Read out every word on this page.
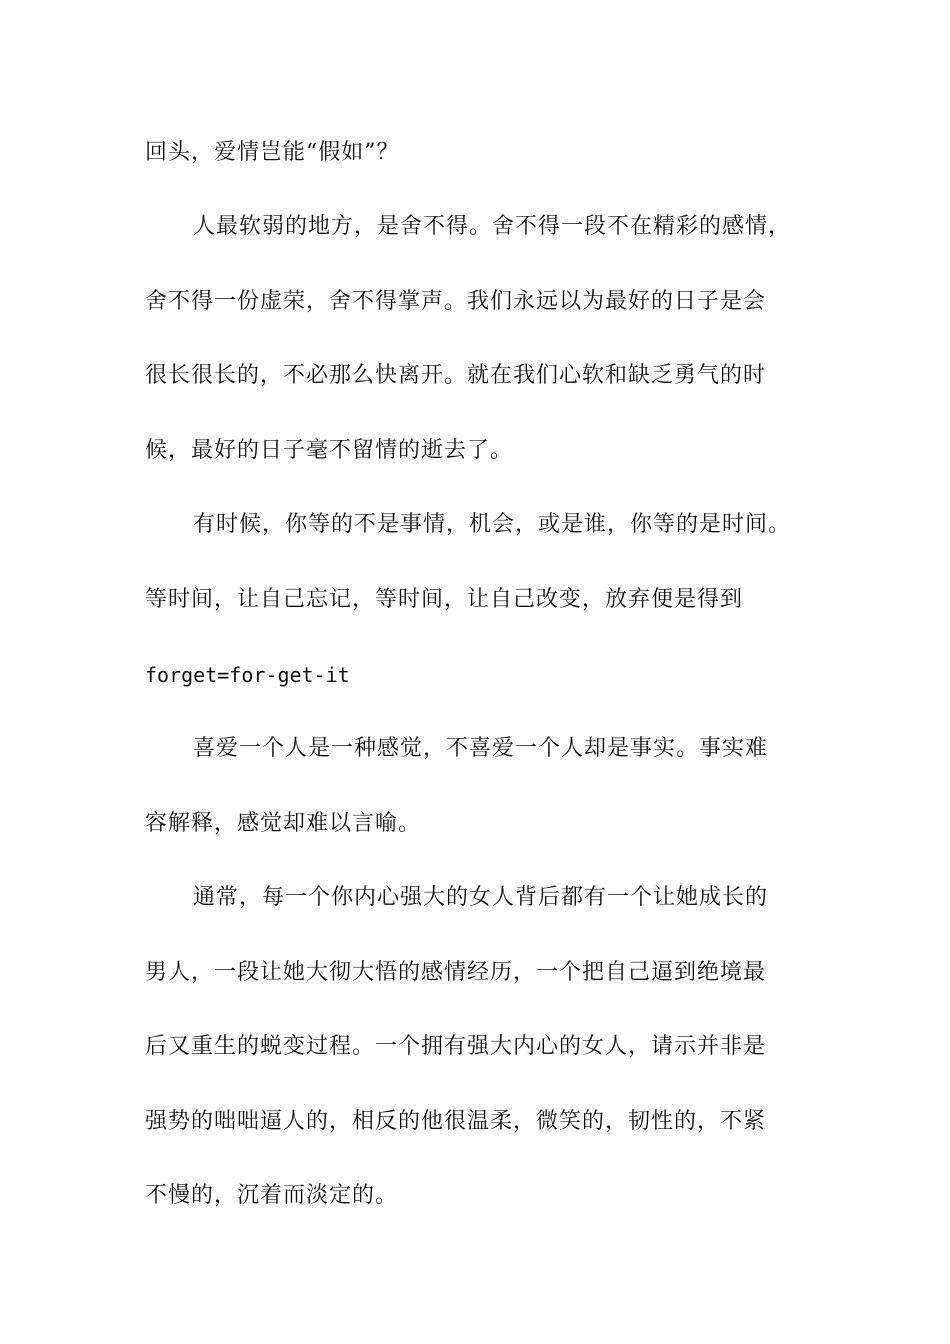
回头，爱情岂能“假如”？
人最软弱的地方，是舍不得。舍不得一段不在精彩的感情，
舍不得一份虚荣，舍不得掌声。我们永远以为最好的日子是会
很长很长的，不必那么快离开。就在我们心软和缺乏勇气的时
候，最好的日子毫不留情的逝去了。
有时候，你等的不是事情，机会，或是谁，你等的是时间。
等时间，让自己忘记，等时间，让自己改变，放弃便是得到
forget=for-get-it
喜爱一个人是一种感觉，不喜爱一个人却是事实。事实难
容解释，感觉却难以言喻。
通常，每一个你内心强大的女人背后都有一个让她成长的
男人，一段让她大彻大悟的感情经历，一个把自己逼到绝境最
后又重生的蜕变过程。一个拥有强大内心的女人，请示并非是
强势的咄咄逼人的，相反的他很温柔，微笑的，韧性的，不紧
不慢的，沉着而淡定的。
